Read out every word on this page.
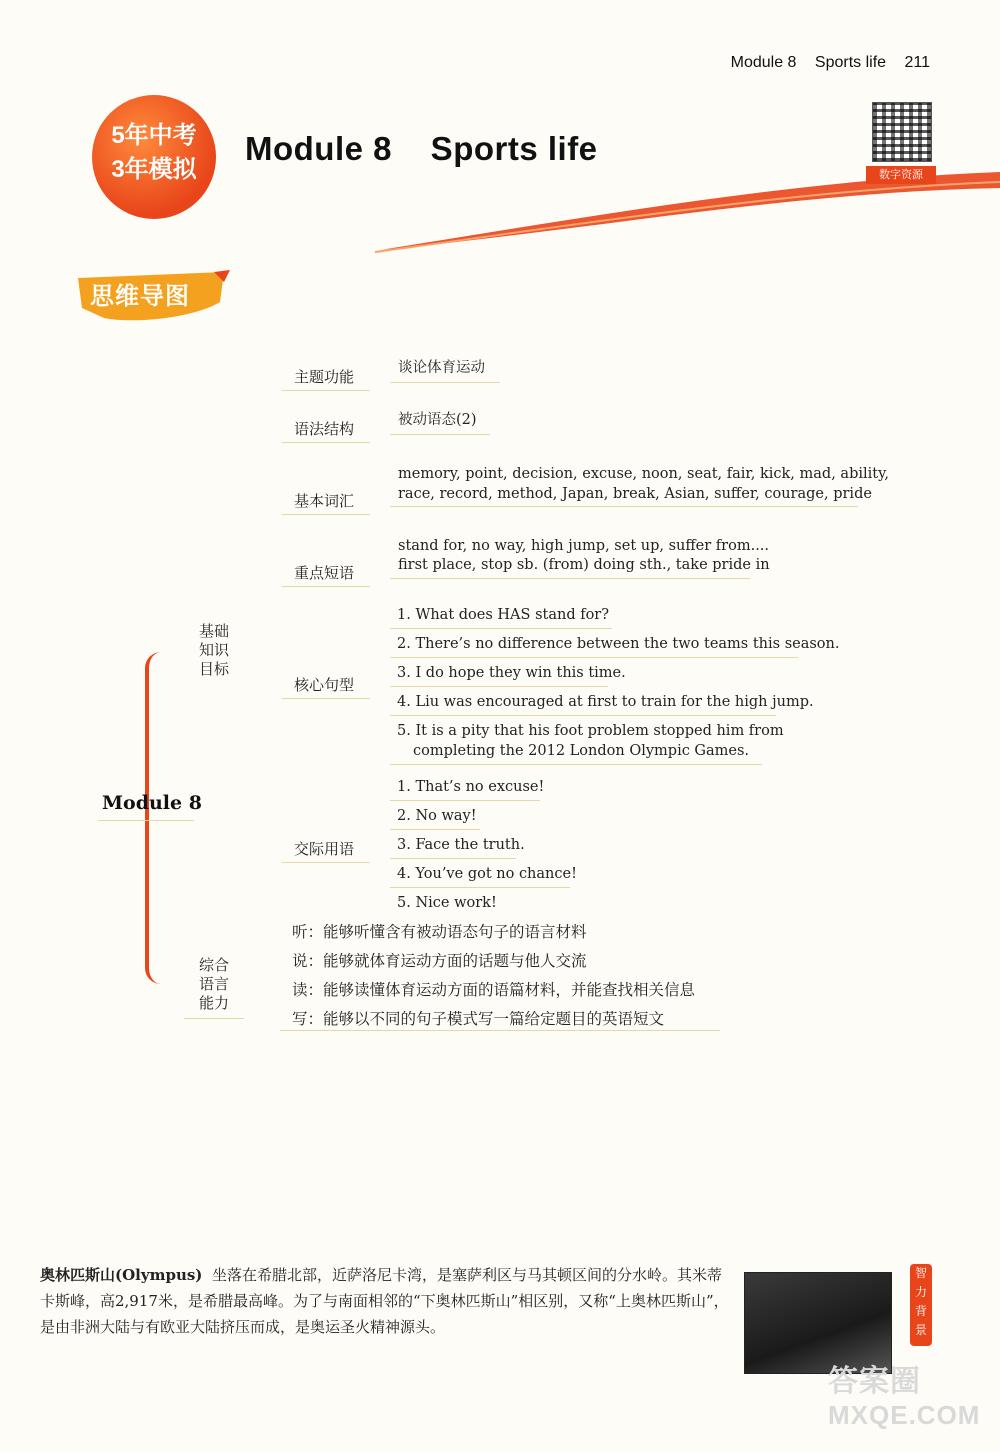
Module 8 Sports life 211
5年中考
3年模拟
Module 8    Sports life
数字资源
思维导图
主题功能	谈论体育运动
语法结构	被动语态(2)
基本词汇
memory, point, decision, excuse, noon, seat, fair, kick, mad, ability,
race, record, method, Japan, break, Asian, suffer, courage, pride
重点短语
stand for, no way, high jump, set up, suffer from....
first place, stop sb. (from) doing sth., take pride in
核心句型
1. What does HAS stand for?
2. There’s no difference between the two teams this season.
3. I do hope they win this time.
4. Liu was encouraged at first to train for the high jump.
5. It is a pity that his foot problem stopped him from
completing the 2012 London Olympic Games.
交际用语
1. That’s no excuse!
2. No way!
3. Face the truth.
4. You’ve got no chance!
5. Nice work!
基础
知识
目标
Module 8
综合
语言
能力
听：能够听懂含有被动语态句子的语言材料
说：能够就体育运动方面的话题与他人交流
读：能够读懂体育运动方面的语篇材料，并能查找相关信息
写：能够以不同的句子模式写一篇给定题目的英语短文
奥林匹斯山(Olympus) 坐落在希腊北部，近萨洛尼卡湾，是塞萨利区与马其顿区间的分水岭。其米蒂卡斯峰，高2,917米，是希腊最高峰。为了与南面相邻的“下奥林匹斯山”相区别，又称“上奥林匹斯山”，是由非洲大陆与有欧亚大陆挤压而成，是奥运圣火精神源头。
智力背景
答案圈
MXQE.COM
